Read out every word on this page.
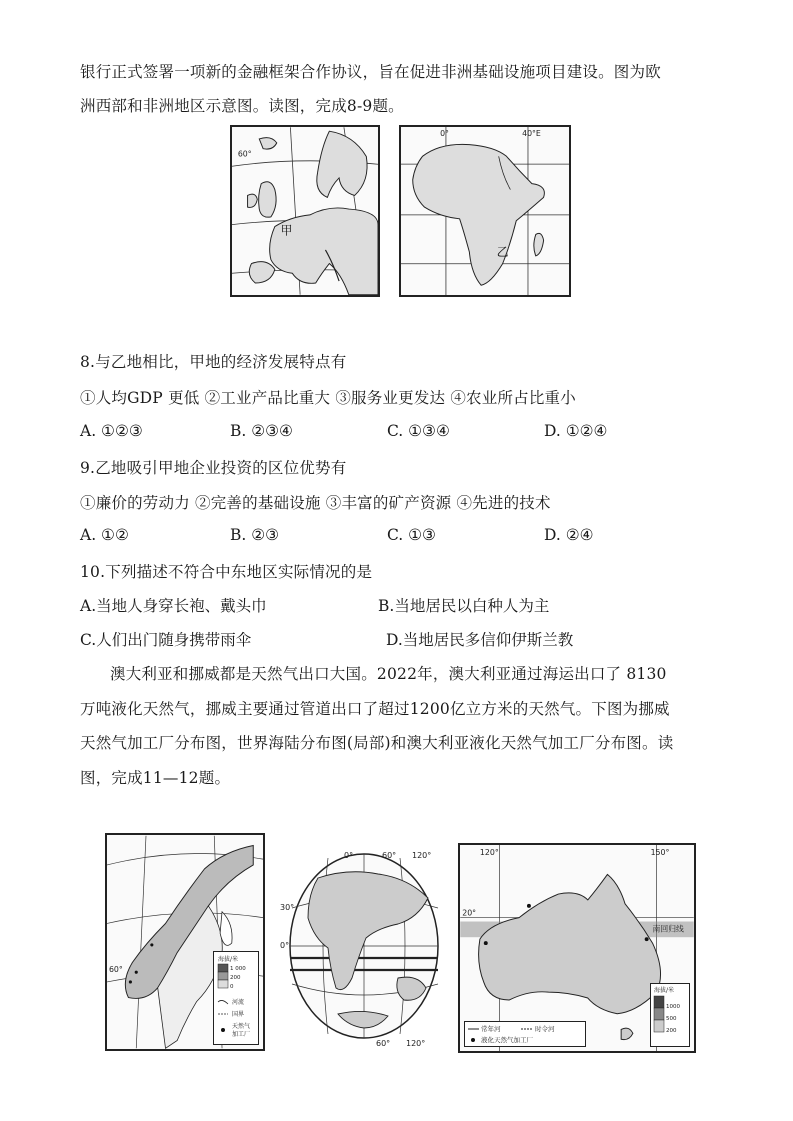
银行正式签署一项新的金融框架合作协议，旨在促进非洲基础设施项目建设。图为欧
洲西部和非洲地区示意图。读图，完成8-9题。
60°
甲
0°	40°E
乙
8.与乙地相比，甲地的经济发展特点有
①人均GDP 更低 ②工业产品比重大 ③服务业更发达 ④农业所占比重小
A. ①②③	B. ②③④	C. ①③④	D. ①②④
9.乙地吸引甲地企业投资的区位优势有
①廉价的劳动力 ②完善的基础设施 ③丰富的矿产资源 ④先进的技术
A. ①②	B. ②③	C. ①③	D. ②④
10.下列描述不符合中东地区实际情况的是
A.当地人身穿长袍、戴头巾	B.当地居民以白种人为主
C.人们出门随身携带雨伞	D.当地居民多信仰伊斯兰教
澳大利亚和挪威都是天然气出口大国。2022年，澳大利亚通过海运出口了 8130
万吨液化天然气，挪威主要通过管道出口了超过1200亿立方米的天然气。下图为挪威
天然气加工厂分布图，世界海陆分布图(局部)和澳大利亚液化天然气加工厂分布图。读
图，完成11—12题。
60°
海拔/米
1 000
200
0
河流
国界
天然气
加工厂
0°	60° 120°
30°
0°
60° 120°
120°	150°
20°
南回归线
常年河	时令河
液化天然气加工厂
海拔/米
1000
500
200
